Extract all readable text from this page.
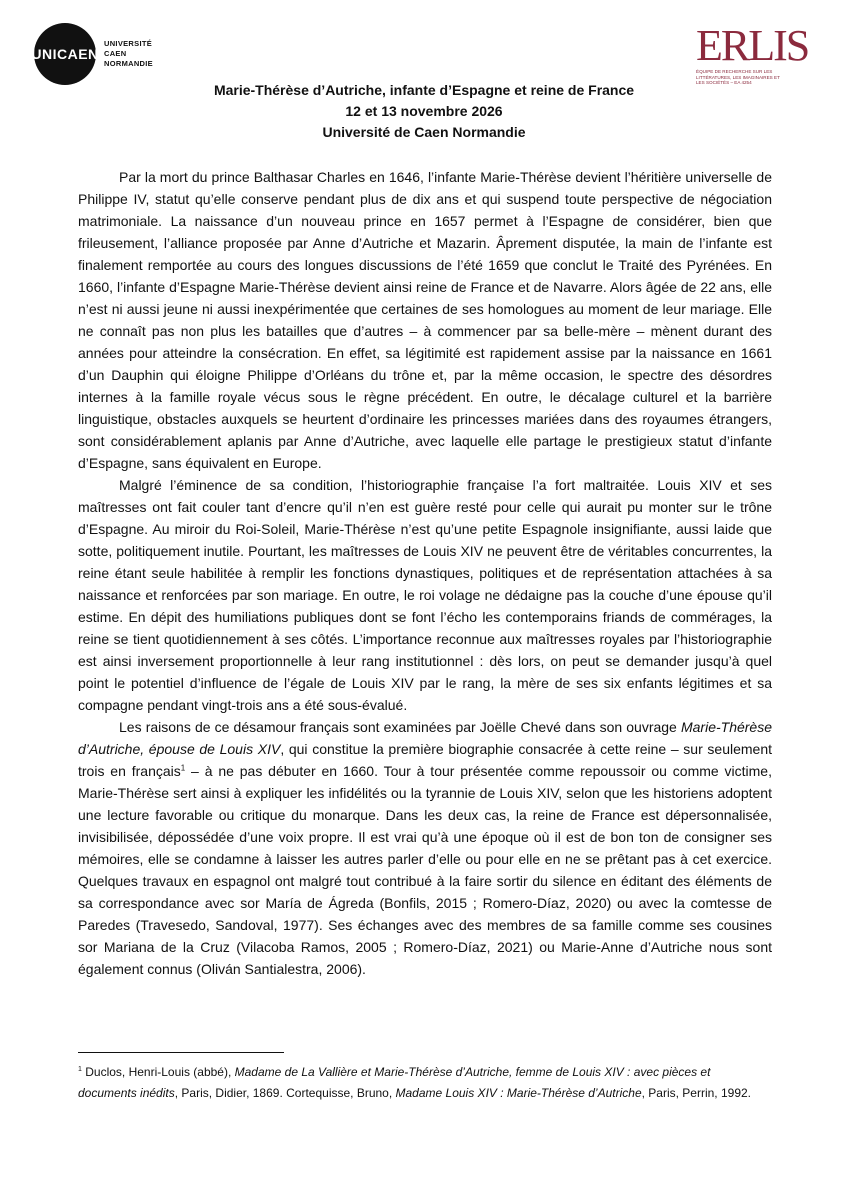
UNICAEN
UNIVERSITÉ
CAEN
NORMANDIE	ERLIS
ÉQUIPE DE RECHERCHE SUR LES LITTÉRATURES, LES IMAGINAIRES ET LES SOCIÉTÉS – EA 4254
Marie-Thérèse d’Autriche, infante d’Espagne et reine de France
12 et 13 novembre 2026
Université de Caen Normandie

Par la mort du prince Balthasar Charles en 1646, l’infante Marie-Thérèse devient l’héritière universelle de Philippe IV, statut qu’elle conserve pendant plus de dix ans et qui suspend toute perspective de négociation matrimoniale. La naissance d’un nouveau prince en 1657 permet à l’Espagne de considérer, bien que frileusement, l’alliance proposée par Anne d’Autriche et Mazarin. Âprement disputée, la main de l’infante est finalement remportée au cours des longues discussions de l’été 1659 que conclut le Traité des Pyrénées. En 1660, l’infante d’Espagne Marie-Thérèse devient ainsi reine de France et de Navarre. Alors âgée de 22 ans, elle n’est ni aussi jeune ni aussi inexpérimentée que certaines de ses homologues au moment de leur mariage. Elle ne connaît pas non plus les batailles que d’autres – à commencer par sa belle-mère – mènent durant des années pour atteindre la consécration. En effet, sa légitimité est rapidement assise par la naissance en 1661 d’un Dauphin qui éloigne Philippe d’Orléans du trône et, par la même occasion, le spectre des désordres internes à la famille royale vécus sous le règne précédent. En outre, le décalage culturel et la barrière linguistique, obstacles auxquels se heurtent d’ordinaire les princesses mariées dans des royaumes étrangers, sont considérablement aplanis par Anne d’Autriche, avec laquelle elle partage le prestigieux statut d’infante d’Espagne, sans équivalent en Europe.

Malgré l’éminence de sa condition, l’historiographie française l’a fort maltraitée. Louis XIV et ses maîtresses ont fait couler tant d’encre qu’il n’en est guère resté pour celle qui aurait pu monter sur le trône d’Espagne. Au miroir du Roi-Soleil, Marie-Thérèse n’est qu’une petite Espagnole insignifiante, aussi laide que sotte, politiquement inutile. Pourtant, les maîtresses de Louis XIV ne peuvent être de véritables concurrentes, la reine étant seule habilitée à remplir les fonctions dynastiques, politiques et de représentation attachées à sa naissance et renforcées par son mariage. En outre, le roi volage ne dédaigne pas la couche d’une épouse qu’il estime. En dépit des humiliations publiques dont se font l’écho les contemporains friands de commérages, la reine se tient quotidiennement à ses côtés. L’importance reconnue aux maîtresses royales par l’historiographie est ainsi inversement proportionnelle à leur rang institutionnel : dès lors, on peut se demander jusqu’à quel point le potentiel d’influence de l’égale de Louis XIV par le rang, la mère de ses six enfants légitimes et sa compagne pendant vingt-trois ans a été sous-évalué.

Les raisons de ce désamour français sont examinées par Joëlle Chevé dans son ouvrage Marie-Thérèse d’Autriche, épouse de Louis XIV, qui constitue la première biographie consacrée à cette reine – sur seulement trois en français$^1$ – à ne pas débuter en 1660. Tour à tour présentée comme repoussoir ou comme victime, Marie-Thérèse sert ainsi à expliquer les infidélités ou la tyrannie de Louis XIV, selon que les historiens adoptent une lecture favorable ou critique du monarque. Dans les deux cas, la reine de France est dépersonnalisée, invisibilisée, dépossédée d’une voix propre. Il est vrai qu’à une époque où il est de bon ton de consigner ses mémoires, elle se condamne à laisser les autres parler d’elle ou pour elle en ne se prêtant pas à cet exercice. Quelques travaux en espagnol ont malgré tout contribué à la faire sortir du silence en éditant des éléments de sa correspondance avec sor María de Ágreda (Bonfils, 2015 ; Romero-Díaz, 2020) ou avec la comtesse de Paredes (Travesedo, Sandoval, 1977). Ses échanges avec des membres de sa famille comme ses cousines sor Mariana de la Cruz (Vilacoba Ramos, 2005 ; Romero-Díaz, 2021) ou Marie-Anne d’Autriche nous sont également connus (Oliván Santialestra, 2006).

$^1$ Duclos, Henri-Louis (abbé), Madame de La Vallière et Marie-Thérèse d’Autriche, femme de Louis XIV : avec pièces et documents inédits, Paris, Didier, 1869. Cortequisse, Bruno, Madame Louis XIV : Marie-Thérèse d’Autriche, Paris, Perrin, 1992.
